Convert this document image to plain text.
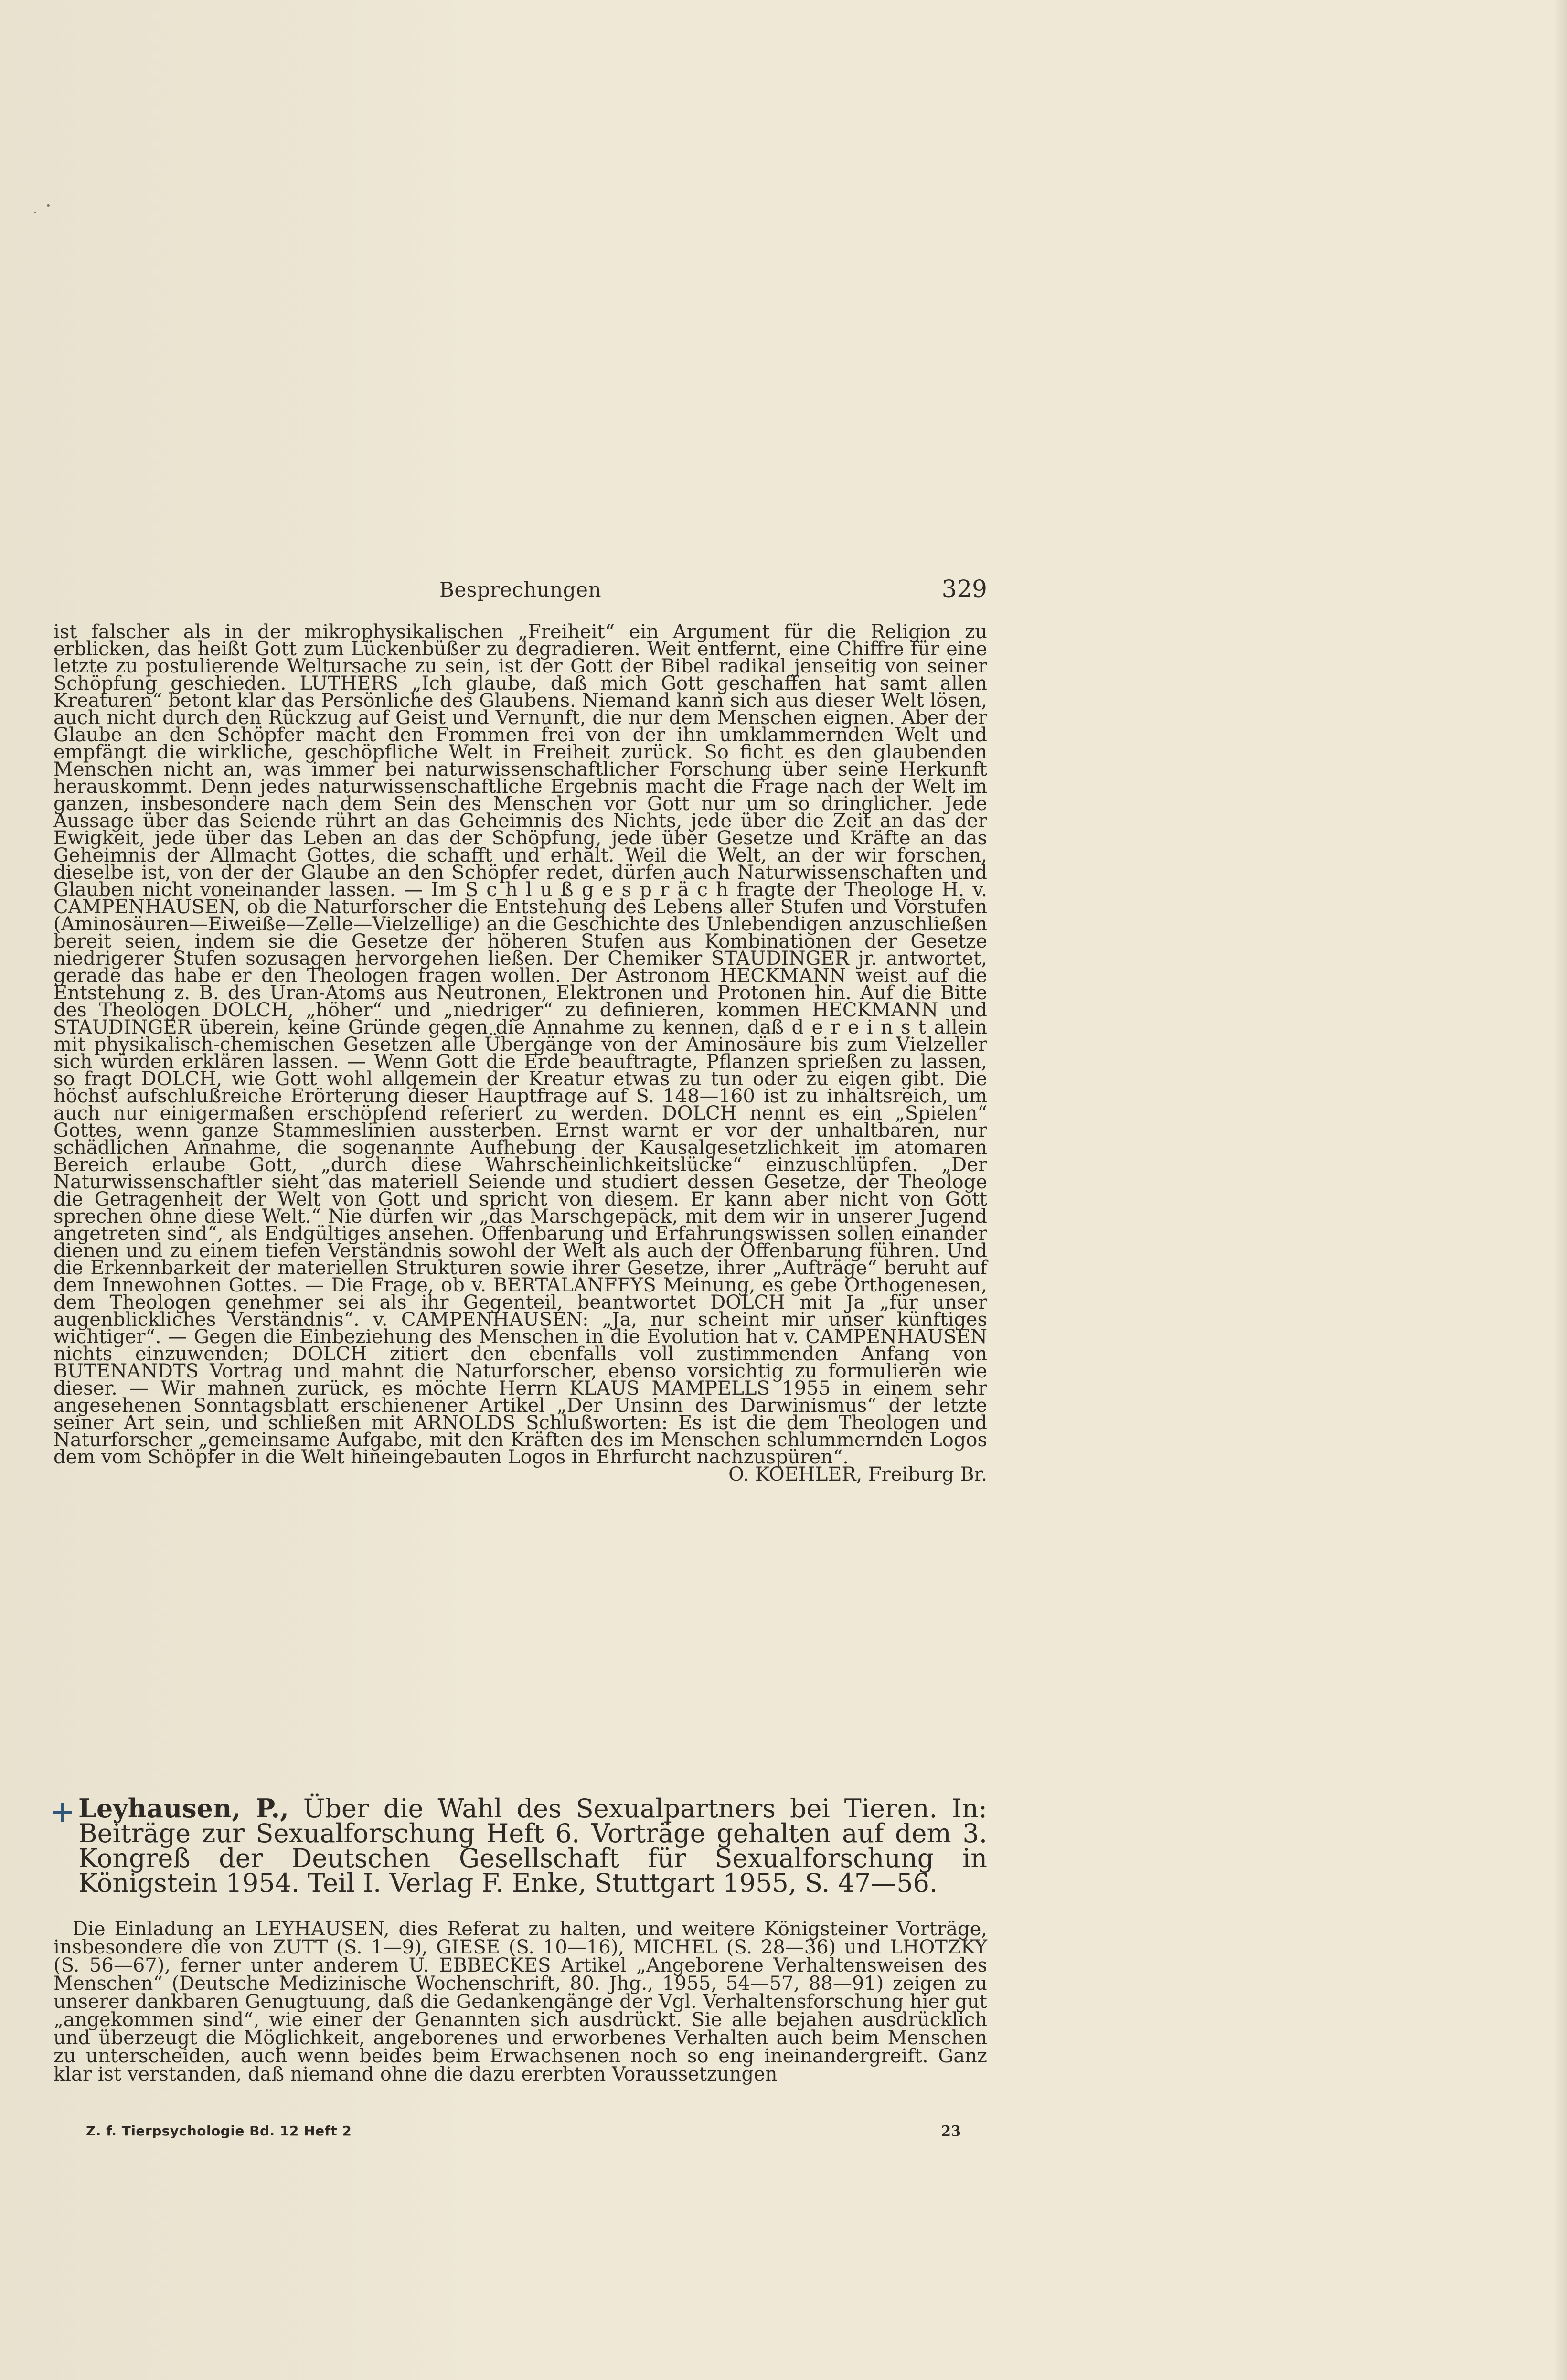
Besprechungen	329

ist falscher als in der mikrophysikalischen „Freiheit“ ein Argument für die Religion zu erblicken, das heißt Gott zum Lückenbüßer zu degradieren. Weit entfernt, eine Chiffre für eine letzte zu postulierende Weltursache zu sein, ist der Gott der Bibel radikal jenseitig von seiner Schöpfung geschieden. LUTHERS „Ich glaube, daß mich Gott geschaffen hat samt allen Kreaturen“ betont klar das Persönliche des Glaubens. Niemand kann sich aus dieser Welt lösen, auch nicht durch den Rückzug auf Geist und Vernunft, die nur dem Menschen eignen. Aber der Glaube an den Schöpfer macht den Frommen frei von der ihn umklammernden Welt und empfängt die wirkliche, geschöpfliche Welt in Freiheit zurück. So ficht es den glaubenden Menschen nicht an, was immer bei naturwissenschaftlicher Forschung über seine Herkunft herauskommt. Denn jedes naturwissenschaftliche Ergebnis macht die Frage nach der Welt im ganzen, insbesondere nach dem Sein des Menschen vor Gott nur um so dringlicher. Jede Aussage über das Seiende rührt an das Geheimnis des Nichts, jede über die Zeit an das der Ewigkeit, jede über das Leben an das der Schöpfung, jede über Gesetze und Kräfte an das Geheimnis der Allmacht Gottes, die schafft und erhält. Weil die Welt, an der wir forschen, dieselbe ist, von der der Glaube an den Schöpfer redet, dürfen auch Naturwissenschaften und Glauben nicht voneinander lassen. — Im S c h l u ß g e s p r ä c h fragte der Theologe H. v. CAMPENHAUSEN, ob die Naturforscher die Entstehung des Lebens aller Stufen und Vorstufen (Aminosäuren—Eiweiße—Zelle—Vielzellige) an die Geschichte des Unlebendigen anzuschließen bereit seien, indem sie die Gesetze der höheren Stufen aus Kombinationen der Gesetze niedrigerer Stufen sozusagen hervorgehen ließen. Der Chemiker STAUDINGER jr. antwortet, gerade das habe er den Theologen fragen wollen. Der Astronom HECKMANN weist auf die Entstehung z. B. des Uran-Atoms aus Neutronen, Elektronen und Protonen hin. Auf die Bitte des Theologen DOLCH, „höher“ und „niedriger“ zu definieren, kommen HECKMANN und STAUDINGER überein, keine Gründe gegen die Annahme zu kennen, daß d e r e i n s t allein mit physikalisch-chemischen Gesetzen alle Übergänge von der Aminosäure bis zum Vielzeller sich würden erklären lassen. — Wenn Gott die Erde beauftragte, Pflanzen sprießen zu lassen, so fragt DOLCH, wie Gott wohl allgemein der Kreatur etwas zu tun oder zu eigen gibt. Die höchst aufschlußreiche Erörterung dieser Hauptfrage auf S. 148—160 ist zu inhaltsreich, um auch nur einigermaßen erschöpfend referiert zu werden. DOLCH nennt es ein „Spielen“ Gottes, wenn ganze Stammeslinien aussterben. Ernst warnt er vor der unhaltbaren, nur schädlichen Annahme, die sogenannte Aufhebung der Kausalgesetzlichkeit im atomaren Bereich erlaube Gott, „durch diese Wahrscheinlichkeitslücke“ einzuschlüpfen. „Der Naturwissenschaftler sieht das materiell Seiende und studiert dessen Gesetze, der Theologe die Getragenheit der Welt von Gott und spricht von diesem. Er kann aber nicht von Gott sprechen ohne diese Welt.“ Nie dürfen wir „das Marschgepäck, mit dem wir in unserer Jugend angetreten sind“, als Endgültiges ansehen. Offenbarung und Erfahrungswissen sollen einander dienen und zu einem tiefen Verständnis sowohl der Welt als auch der Offenbarung führen. Und die Erkennbarkeit der materiellen Strukturen sowie ihrer Gesetze, ihrer „Aufträge“ beruht auf dem Innewohnen Gottes. — Die Frage, ob v. BERTALANFFYS Meinung, es gebe Orthogenesen, dem Theologen genehmer sei als ihr Gegenteil, beantwortet DOLCH mit Ja „für unser augenblickliches Verständnis“. v. CAMPENHAUSEN: „Ja, nur scheint mir unser künftiges wichtiger“. — Gegen die Einbeziehung des Menschen in die Evolution hat v. CAMPENHAUSEN nichts einzuwenden; DOLCH zitiert den ebenfalls voll zustimmenden Anfang von BUTENANDTS Vortrag und mahnt die Naturforscher, ebenso vorsichtig zu formulieren wie dieser. — Wir mahnen zurück, es möchte Herrn KLAUS MAMPELLS 1955 in einem sehr angesehenen Sonntagsblatt erschienener Artikel „Der Unsinn des Darwinismus“ der letzte seiner Art sein, und schließen mit ARNOLDS Schlußworten: Es ist die dem Theologen und Naturforscher „gemeinsame Aufgabe, mit den Kräften des im Menschen schlummernden Logos dem vom Schöpfer in die Welt hineingebauten Logos in Ehrfurcht nachzuspüren“.

O. KOEHLER, Freiburg Br.
+ Leyhausen, P., Über die Wahl des Sexualpartners bei Tieren. In: Beiträge zur Sexualforschung Heft 6. Vorträge gehalten auf dem 3. Kongreß der Deutschen Gesellschaft für Sexualforschung in Königstein 1954. Teil I. Verlag F. Enke, Stuttgart 1955, S. 47—56.

Die Einladung an LEYHAUSEN, dies Referat zu halten, und weitere Königsteiner Vorträge, insbesondere die von ZUTT (S. 1—9), GIESE (S. 10—16), MICHEL (S. 28—36) und LHOTZKY (S. 56—67), ferner unter anderem U. EBBECKES Artikel „Angeborene Verhaltensweisen des Menschen“ (Deutsche Medizinische Wochenschrift, 80. Jhg., 1955, 54—57, 88—91) zeigen zu unserer dankbaren Genugtuung, daß die Gedankengänge der Vgl. Verhaltensforschung hier gut „angekommen sind“, wie einer der Genannten sich ausdrückt. Sie alle bejahen ausdrücklich und überzeugt die Möglichkeit, angeborenes und erworbenes Verhalten auch beim Menschen zu unterscheiden, auch wenn beides beim Erwachsenen noch so eng ineinandergreift. Ganz klar ist verstanden, daß niemand ohne die dazu ererbten Voraussetzungen

Z. f. Tierpsychologie Bd. 12 Heft 2	23
